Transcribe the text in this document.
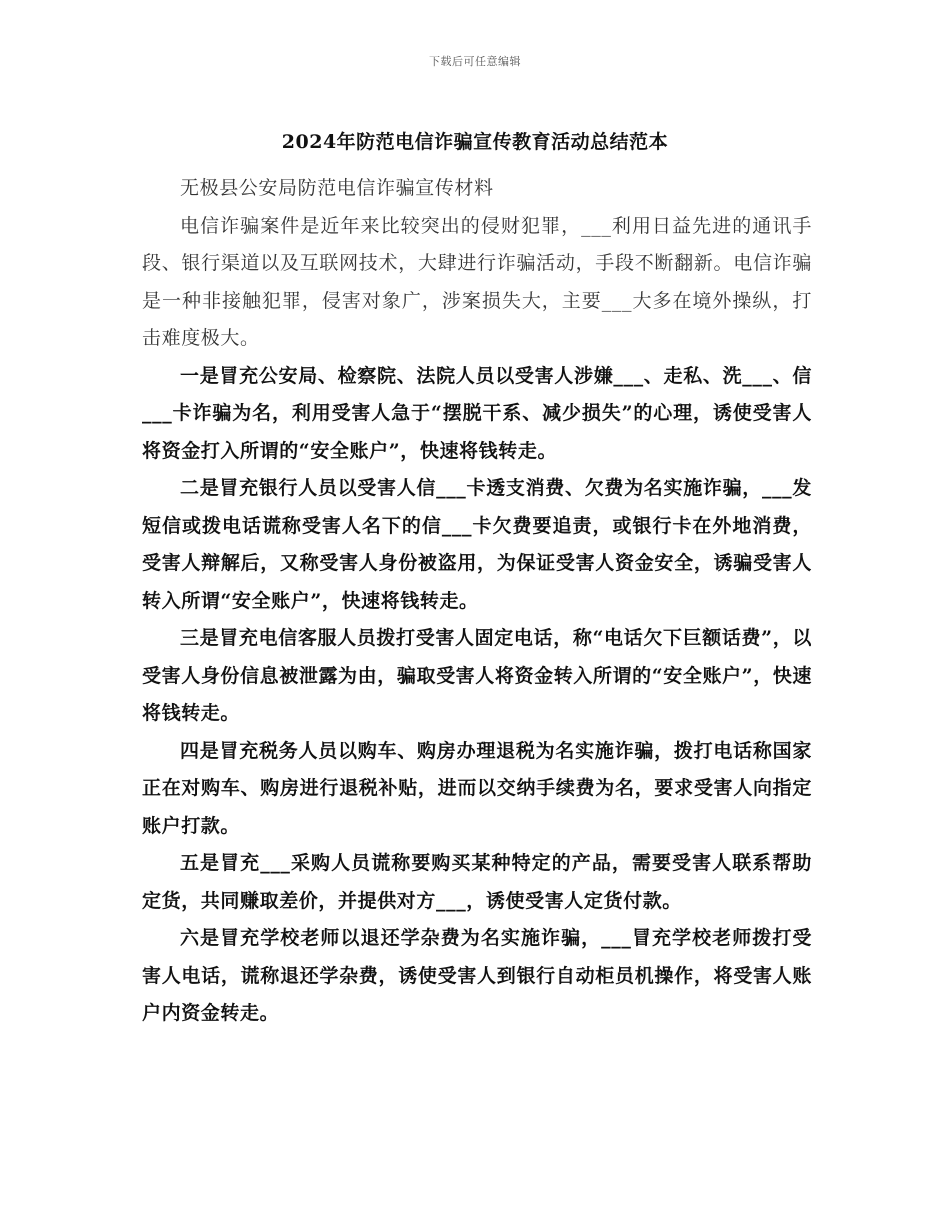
下载后可任意编辑
2024年防范电信诈骗宣传教育活动总结范本

无极县公安局防范电信诈骗宣传材料

电信诈骗案件是近年来比较突出的侵财犯罪，___利用日益先进的通讯手段、银行渠道以及互联网技术，大肆进行诈骗活动，手段不断翻新。电信诈骗是一种非接触犯罪，侵害对象广，涉案损失大，主要___大多在境外操纵，打击难度极大。

一是冒充公安局、检察院、法院人员以受害人涉嫌___、走私、洗___、信___卡诈骗为名，利用受害人急于“摆脱干系、减少损失”的心理，诱使受害人将资金打入所谓的“安全账户”，快速将钱转走。

二是冒充银行人员以受害人信___卡透支消费、欠费为名实施诈骗，___发短信或拨电话谎称受害人名下的信___卡欠费要追责，或银行卡在外地消费，受害人辩解后，又称受害人身份被盗用，为保证受害人资金安全，诱骗受害人转入所谓“安全账户”，快速将钱转走。

三是冒充电信客服人员拨打受害人固定电话，称“电话欠下巨额话费”，以受害人身份信息被泄露为由，骗取受害人将资金转入所谓的“安全账户”，快速将钱转走。

四是冒充税务人员以购车、购房办理退税为名实施诈骗，拨打电话称国家正在对购车、购房进行退税补贴，进而以交纳手续费为名，要求受害人向指定账户打款。

五是冒充___采购人员谎称要购买某种特定的产品，需要受害人联系帮助定货，共同赚取差价，并提供对方___，诱使受害人定货付款。

六是冒充学校老师以退还学杂费为名实施诈骗，___冒充学校老师拨打受害人电话，谎称退还学杂费，诱使受害人到银行自动柜员机操作，将受害人账户内资金转走。
